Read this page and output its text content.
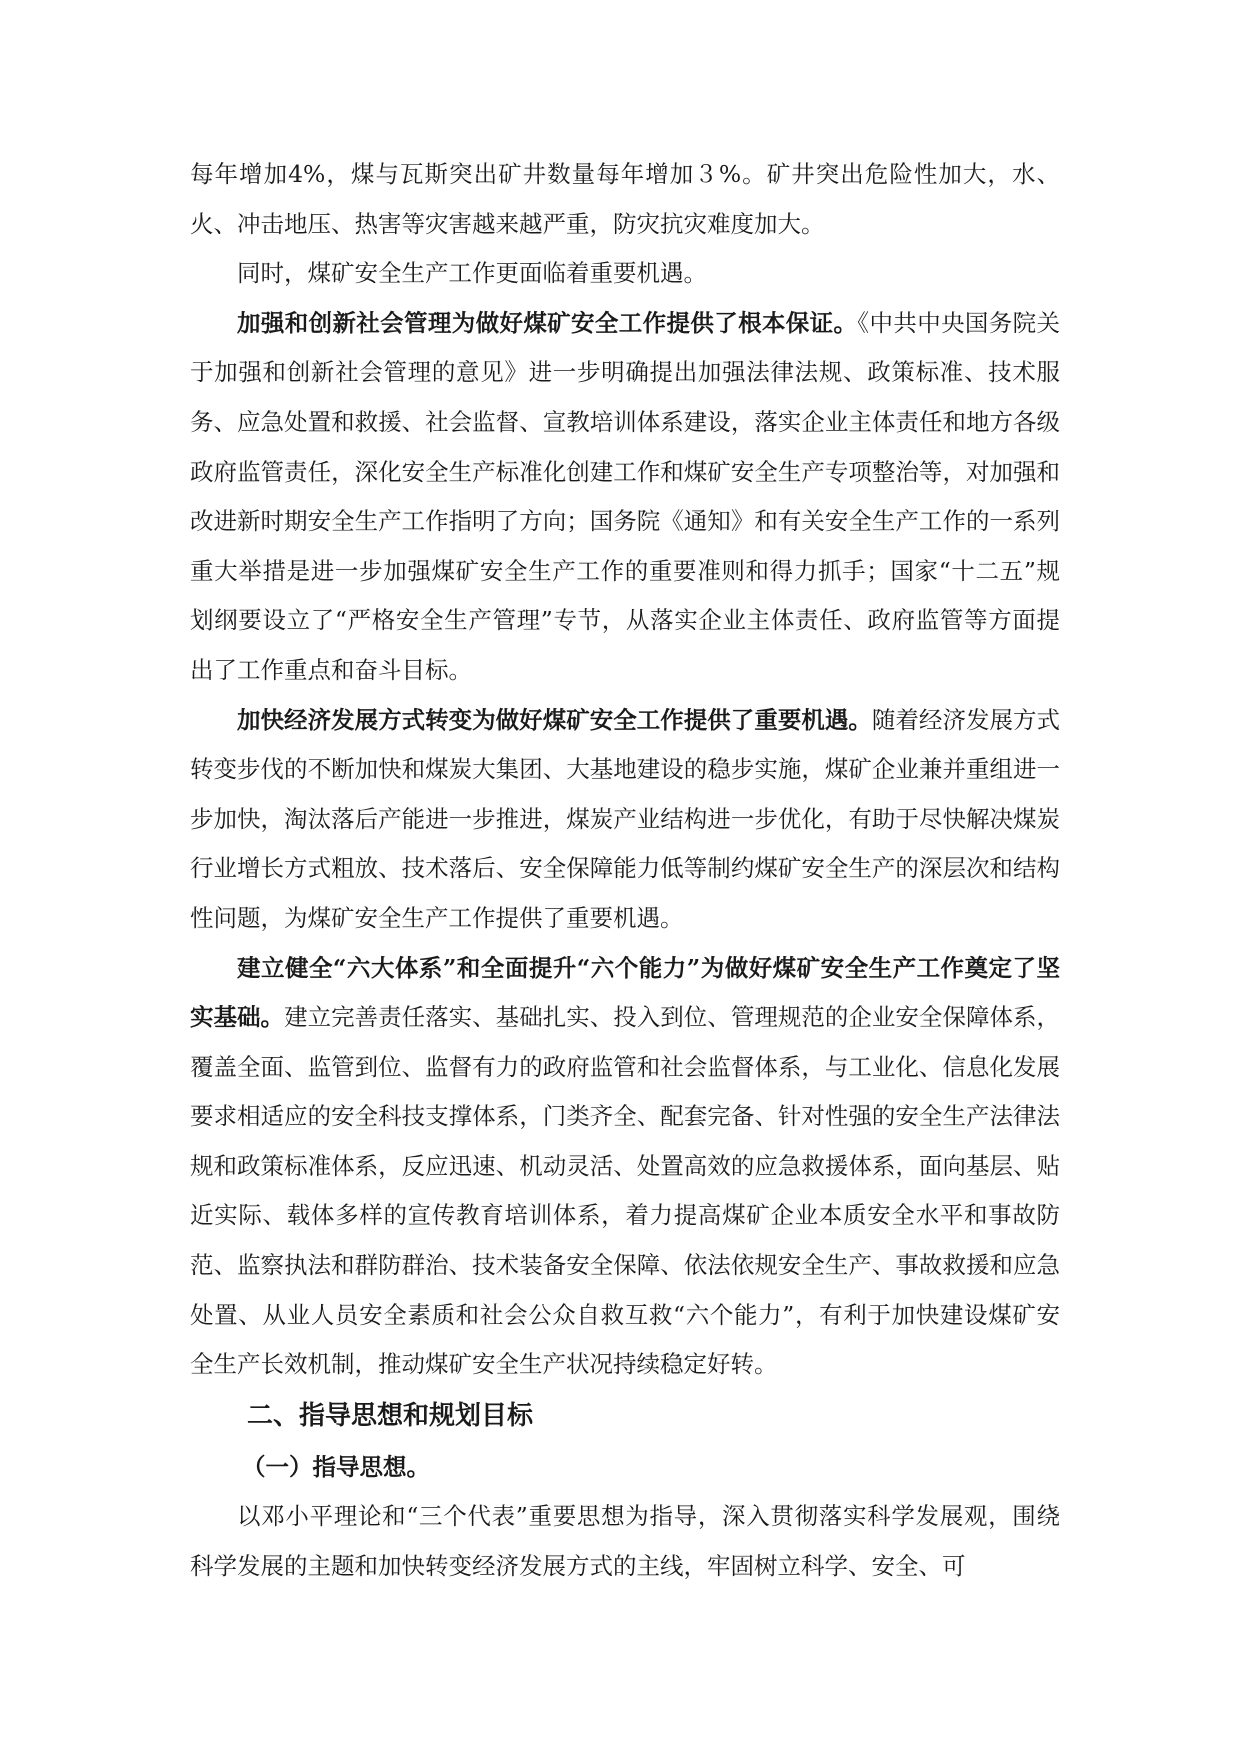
每年增加4%，煤与瓦斯突出矿井数量每年增加３%。矿井突出危险性加大，水、火、冲击地压、热害等灾害越来越严重，防灾抗灾难度加大。

同时，煤矿安全生产工作更面临着重要机遇。

加强和创新社会管理为做好煤矿安全工作提供了根本保证。《中共中央国务院关于加强和创新社会管理的意见》进一步明确提出加强法律法规、政策标准、技术服务、应急处置和救援、社会监督、宣教培训体系建设，落实企业主体责任和地方各级政府监管责任，深化安全生产标准化创建工作和煤矿安全生产专项整治等，对加强和改进新时期安全生产工作指明了方向；国务院《通知》和有关安全生产工作的一系列重大举措是进一步加强煤矿安全生产工作的重要准则和得力抓手；国家“十二五”规划纲要设立了“严格安全生产管理”专节，从落实企业主体责任、政府监管等方面提出了工作重点和奋斗目标。

加快经济发展方式转变为做好煤矿安全工作提供了重要机遇。随着经济发展方式转变步伐的不断加快和煤炭大集团、大基地建设的稳步实施，煤矿企业兼并重组进一步加快，淘汰落后产能进一步推进，煤炭产业结构进一步优化，有助于尽快解决煤炭行业增长方式粗放、技术落后、安全保障能力低等制约煤矿安全生产的深层次和结构性问题，为煤矿安全生产工作提供了重要机遇。

建立健全“六大体系”和全面提升“六个能力”为做好煤矿安全生产工作奠定了坚实基础。建立完善责任落实、基础扎实、投入到位、管理规范的企业安全保障体系，覆盖全面、监管到位、监督有力的政府监管和社会监督体系，与工业化、信息化发展要求相适应的安全科技支撑体系，门类齐全、配套完备、针对性强的安全生产法律法规和政策标准体系，反应迅速、机动灵活、处置高效的应急救援体系，面向基层、贴近实际、载体多样的宣传教育培训体系，着力提高煤矿企业本质安全水平和事故防范、监察执法和群防群治、技术装备安全保障、依法依规安全生产、事故救援和应急处置、从业人员安全素质和社会公众自救互救“六个能力”，有利于加快建设煤矿安全生产长效机制，推动煤矿安全生产状况持续稳定好转。

二、指导思想和规划目标
（一）指导思想。

以邓小平理论和“三个代表”重要思想为指导，深入贯彻落实科学发展观，围绕科学发展的主题和加快转变经济发展方式的主线，牢固树立科学、安全、可
